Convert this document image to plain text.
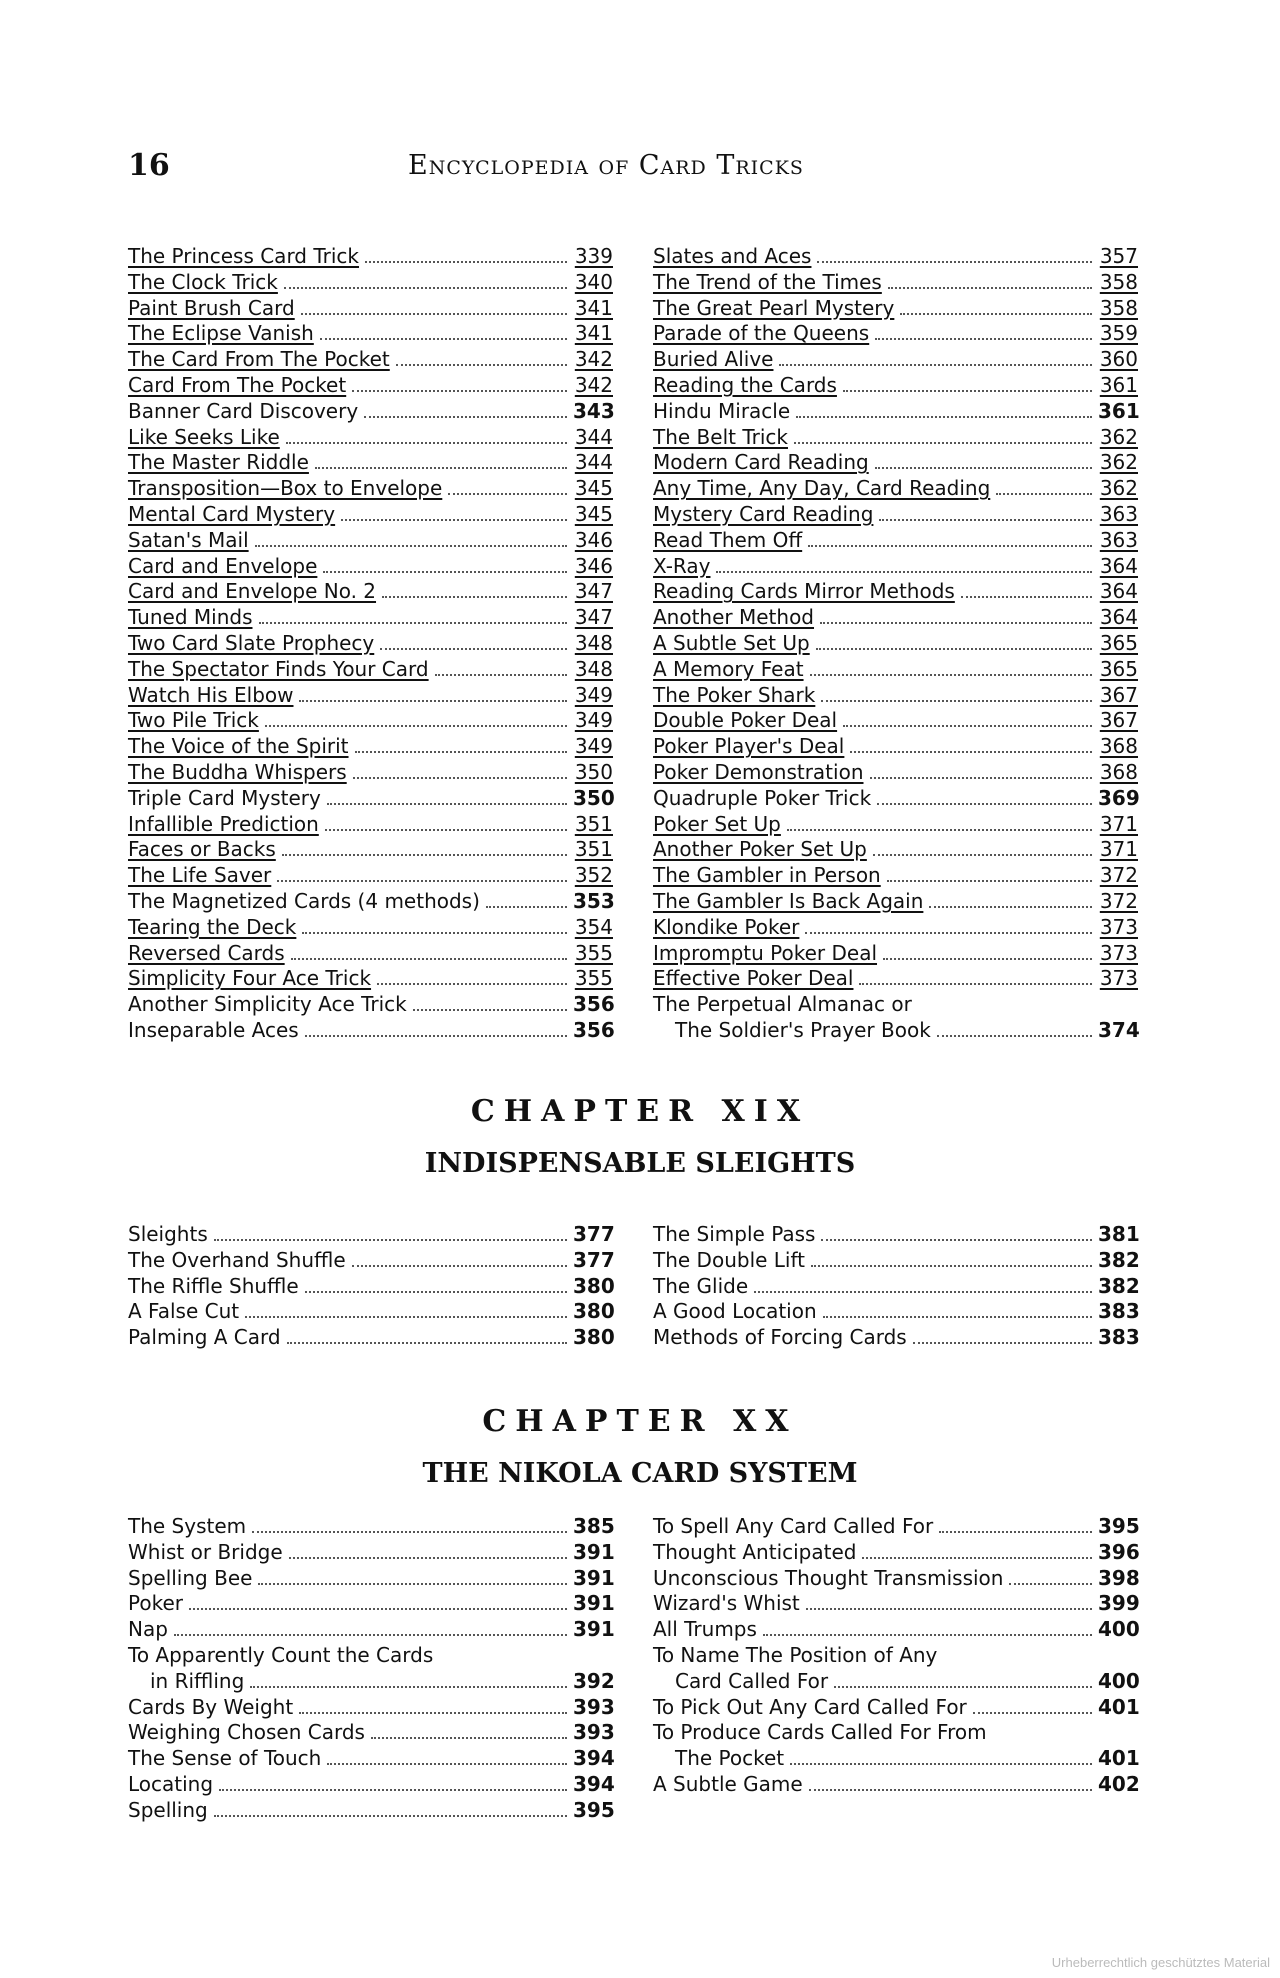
16	Encyclopedia of Card Tricks
The Princess Card Trick	339
The Clock Trick	340
Paint Brush Card	341
The Eclipse Vanish	341
The Card From The Pocket	342
Card From The Pocket	342
Banner Card Discovery	343
Like Seeks Like	344
The Master Riddle	344
Transposition—Box to Envelope	345
Mental Card Mystery	345
Satan's Mail	346
Card and Envelope	346
Card and Envelope No. 2	347
Tuned Minds	347
Two Card Slate Prophecy	348
The Spectator Finds Your Card	348
Watch His Elbow	349
Two Pile Trick	349
The Voice of the Spirit	349
The Buddha Whispers	350
Triple Card Mystery	350
Infallible Prediction	351
Faces or Backs	351
The Life Saver	352
The Magnetized Cards (4 methods)	353
Tearing the Deck	354
Reversed Cards	355
Simplicity Four Ace Trick	355
Another Simplicity Ace Trick	356
Inseparable Aces	356
Slates and Aces	357
The Trend of the Times	358
The Great Pearl Mystery	358
Parade of the Queens	359
Buried Alive	360
Reading the Cards	361
Hindu Miracle	361
The Belt Trick	362
Modern Card Reading	362
Any Time, Any Day, Card Reading	362
Mystery Card Reading	363
Read Them Off	363
X-Ray	364
Reading Cards Mirror Methods	364
Another Method	364
A Subtle Set Up	365
A Memory Feat	365
The Poker Shark	367
Double Poker Deal	367
Poker Player's Deal	368
Poker Demonstration	368
Quadruple Poker Trick	369
Poker Set Up	371
Another Poker Set Up	371
The Gambler in Person	372
The Gambler Is Back Again	372
Klondike Poker	373
Impromptu Poker Deal	373
Effective Poker Deal	373
The Perpetual Almanac or
The Soldier's Prayer Book	374
CHAPTER XIX
INDISPENSABLE SLEIGHTS
Sleights	377
The Overhand Shuffle	377
The Riffle Shuffle	380
A False Cut	380
Palming A Card	380
The Simple Pass	381
The Double Lift	382
The Glide	382
A Good Location	383
Methods of Forcing Cards	383
CHAPTER XX
THE NIKOLA CARD SYSTEM
The System	385
Whist or Bridge	391
Spelling Bee	391
Poker	391
Nap	391
To Apparently Count the Cards
in Riffling	392
Cards By Weight	393
Weighing Chosen Cards	393
The Sense of Touch	394
Locating	394
Spelling	395
To Spell Any Card Called For	395
Thought Anticipated	396
Unconscious Thought Transmission	398
Wizard's Whist	399
All Trumps	400
To Name The Position of Any
Card Called For	400
To Pick Out Any Card Called For	401
To Produce Cards Called For From
The Pocket	401
A Subtle Game	402
Urheberrechtlich geschütztes Material
